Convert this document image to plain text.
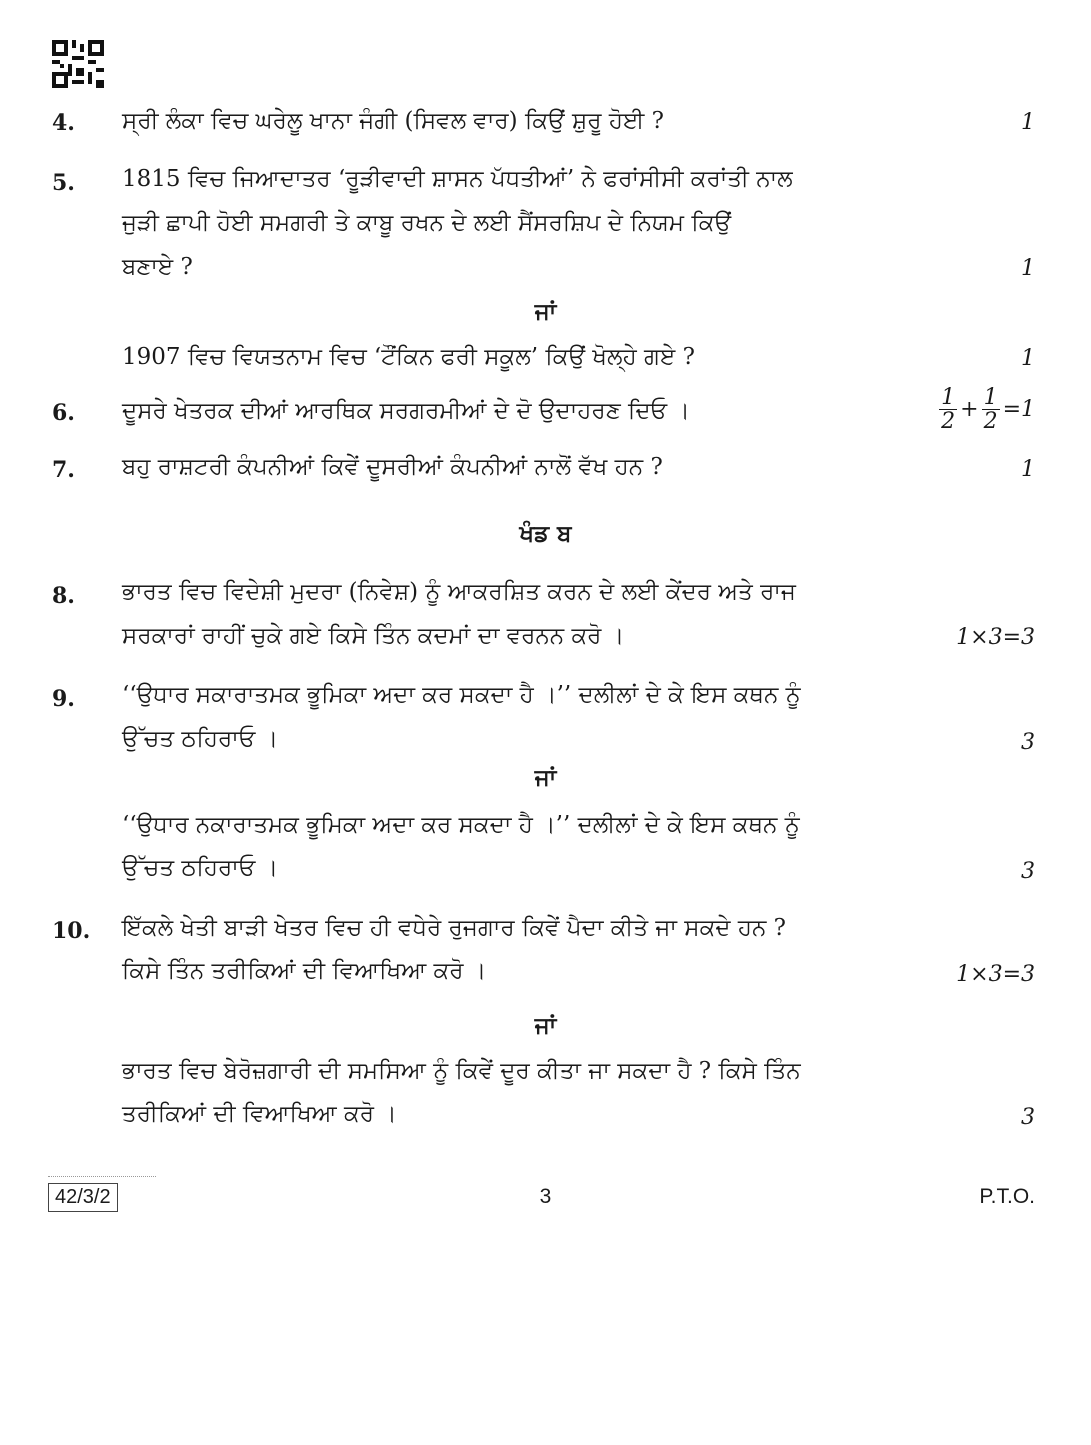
4. ਸ੍ਰੀ ਲੰਕਾ ਵਿਚ ਘਰੇਲੂ ਖਾਨਾ ਜੰਗੀ (ਸਿਵਲ ਵਾਰ) ਕਿਉਂ ਸ਼ੁਰੂ ਹੋਈ ?	1
5. 1815 ਵਿਚ ਜਿਆਦਾਤਰ ‘ਰੂੜੀਵਾਦੀ ਸ਼ਾਸਨ ਪੱਧਤੀਆਂ’ ਨੇ ਫਰਾਂਸੀਸੀ ਕਰਾਂਤੀ ਨਾਲ
ਜੁੜੀ ਛਾਪੀ ਹੋਈ ਸਮਗਰੀ ਤੇ ਕਾਬੂ ਰਖਨ ਦੇ ਲਈ ਸੈਂਸਰਸ਼ਿਪ ਦੇ ਨਿਯਮ ਕਿਉਂ
ਬਣਾਏ ?	1
ਜਾਂ
1907 ਵਿਚ ਵਿਯਤਨਾਮ ਵਿਚ ‘ਟੌਂਕਿਨ ਫਰੀ ਸਕੂਲ’ ਕਿਉਂ ਖੋਲ੍ਹੇ ਗਏ ?	1
6. ਦੂਸਰੇ ਖੇਤਰਕ ਦੀਆਂ ਆਰਥਿਕ ਸਰਗਰਮੀਆਂ ਦੇ ਦੋ ਉਦਾਹਰਣ ਦਿਓ ।	$\frac{1}{2} + \frac{1}{2} =1$
7. ਬਹੁ ਰਾਸ਼ਟਰੀ ਕੰਪਨੀਆਂ ਕਿਵੇਂ ਦੂਸਰੀਆਂ ਕੰਪਨੀਆਂ ਨਾਲੋਂ ਵੱਖ ਹਨ ?	1
ਖੰਡ ਬ
8. ਭਾਰਤ ਵਿਚ ਵਿਦੇਸ਼ੀ ਮੁਦਰਾ (ਨਿਵੇਸ਼) ਨੂੰ ਆਕਰਸ਼ਿਤ ਕਰਨ ਦੇ ਲਈ ਕੇਂਦਰ ਅਤੇ ਰਾਜ
ਸਰਕਾਰਾਂ ਰਾਹੀਂ ਚੁਕੇ ਗਏ ਕਿਸੇ ਤਿੰਨ ਕਦਮਾਂ ਦਾ ਵਰਨਨ ਕਰੋ ।	1×3=3
9. ‘‘ਉਧਾਰ ਸਕਾਰਾਤਮਕ ਭੂਮਿਕਾ ਅਦਾ ਕਰ ਸਕਦਾ ਹੈ ।’’ ਦਲੀਲਾਂ ਦੇ ਕੇ ਇਸ ਕਥਨ ਨੂੰ
ਉੱਚਤ ਠਹਿਰਾਓ ।	3
ਜਾਂ
‘‘ਉਧਾਰ ਨਕਾਰਾਤਮਕ ਭੂਮਿਕਾ ਅਦਾ ਕਰ ਸਕਦਾ ਹੈ ।’’ ਦਲੀਲਾਂ ਦੇ ਕੇ ਇਸ ਕਥਨ ਨੂੰ
ਉੱਚਤ ਠਹਿਰਾਓ ।	3
10. ਇੱਕਲੇ ਖੇਤੀ ਬਾੜੀ ਖੇਤਰ ਵਿਚ ਹੀ ਵਧੇਰੇ ਰੁਜਗਾਰ ਕਿਵੇਂ ਪੈਦਾ ਕੀਤੇ ਜਾ ਸਕਦੇ ਹਨ ?
ਕਿਸੇ ਤਿੰਨ ਤਰੀਕਿਆਂ ਦੀ ਵਿਆਖਿਆ ਕਰੋ ।	1×3=3
ਜਾਂ
ਭਾਰਤ ਵਿਚ ਬੇਰੋਜ਼ਗਾਰੀ ਦੀ ਸਮਸਿਆ ਨੂੰ ਕਿਵੇਂ ਦੂਰ ਕੀਤਾ ਜਾ ਸਕਦਾ ਹੈ ? ਕਿਸੇ ਤਿੰਨ
ਤਰੀਕਿਆਂ ਦੀ ਵਿਆਖਿਆ ਕਰੋ ।	3
42/3/2	3	P.T.O.
